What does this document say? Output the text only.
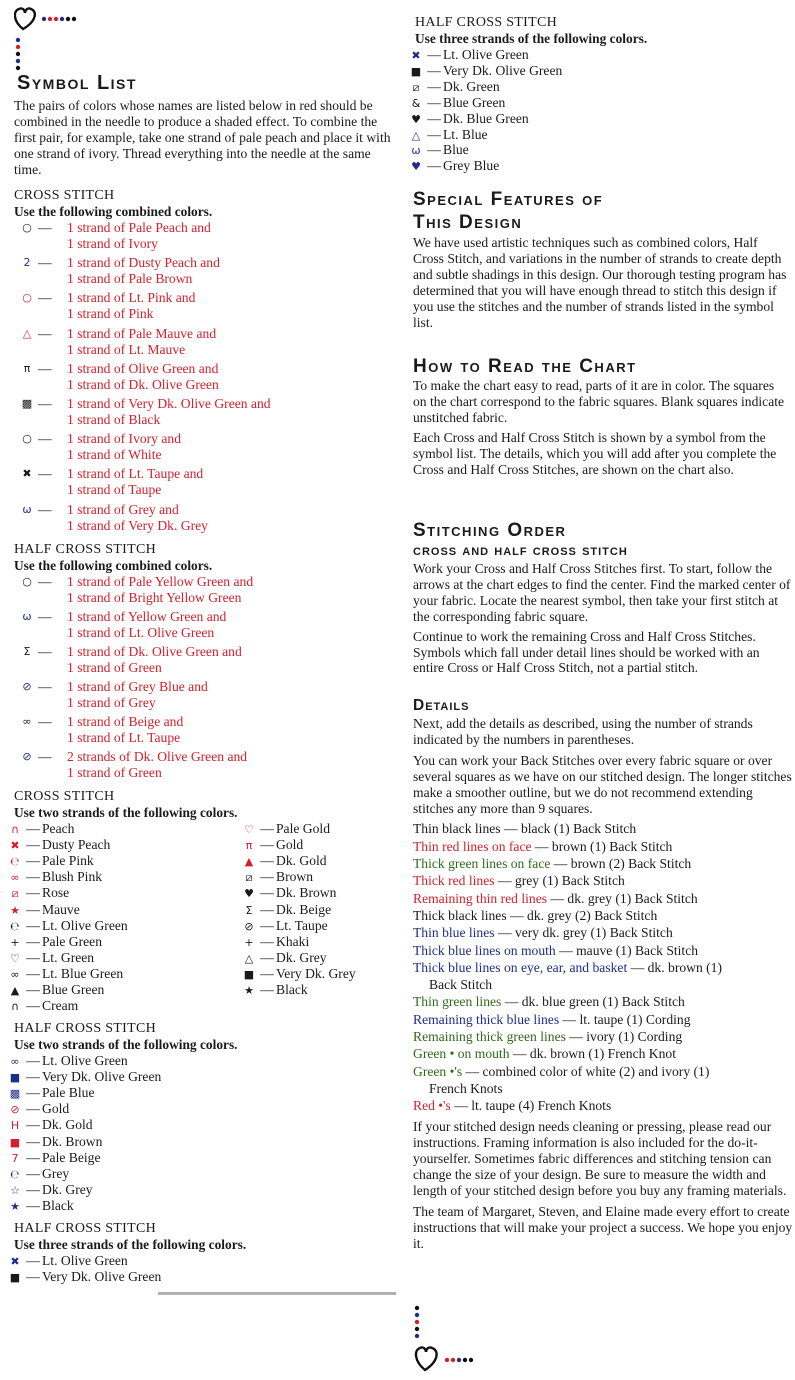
Symbol List

The pairs of colors whose names are listed below in red should be combined in the needle to produce a shaded effect. To combine the first pair, for example, take one strand of pale peach and place it with one strand of ivory. Thread everything into the needle at the same time.

CROSS STITCH

Use the following combined colors.

○ —	1 strand of Pale Peach and
1 strand of Ivory
2 —	1 strand of Dusty Peach and
1 strand of Pale Brown
○ —	1 strand of Lt. Pink and
1 strand of Pink
△ —	1 strand of Pale Mauve and
1 strand of Lt. Mauve
π —	1 strand of Olive Green and
1 strand of Dk. Olive Green
▩ —	1 strand of Very Dk. Olive Green and
1 strand of Black
○ —	1 strand of Ivory and
1 strand of White
✖ —	1 strand of Lt. Taupe and
1 strand of Taupe
ω —	1 strand of Grey and
1 strand of Very Dk. Grey

HALF CROSS STITCH

Use the following combined colors.

○ —	1 strand of Pale Yellow Green and
1 strand of Bright Yellow Green
ω —	1 strand of Yellow Green and
1 strand of Lt. Olive Green
Σ —	1 strand of Dk. Olive Green and
1 strand of Green
⊘ —	1 strand of Grey Blue and
1 strand of Grey
∞ —	1 strand of Beige and
1 strand of Lt. Taupe
⊘ —	2 strands of Dk. Olive Green and
1 strand of Green

CROSS STITCH

Use two strands of the following colors.

∩ — Peach
✖ — Dusty Peach
℮ — Pale Pink
∞ — Blush Pink
⧄ — Rose
★ — Mauve
℮ — Lt. Olive Green
+ — Pale Green
♡ — Lt. Green
∞ — Lt. Blue Green
▲ — Blue Green
∩ — Cream
♡ — Pale Gold
π — Gold
▲ — Dk. Gold
⧄ — Brown
♥ — Dk. Brown
Σ — Dk. Beige
⊘ — Lt. Taupe
+ — Khaki
△ — Dk. Grey
■ — Very Dk. Grey
★ — Black

HALF CROSS STITCH

Use two strands of the following colors.

∞ — Lt. Olive Green
■ — Very Dk. Olive Green
▩ — Pale Blue
⊘ — Gold
H — Dk. Gold
■ — Dk. Brown
7 — Pale Beige
℮ — Grey
☆ — Dk. Grey
★ — Black

HALF CROSS STITCH

Use three strands of the following colors.

✖ — Lt. Olive Green
■ — Very Dk. Olive Green

HALF CROSS STITCH

Use three strands of the following colors.

✖ — Lt. Olive Green
■ — Very Dk. Olive Green
⧄ — Dk. Green
& — Blue Green
♥ — Dk. Blue Green
△ — Lt. Blue
ω — Blue
♥ — Grey Blue
Special Features of
This Design

We have used artistic techniques such as combined colors, Half Cross Stitch, and variations in the number of strands to create depth and subtle shadings in this design. Our thorough testing program has determined that you will have enough thread to stitch this design if you use the stitches and the number of strands listed in the symbol list.

How to Read the Chart

To make the chart easy to read, parts of it are in color. The squares on the chart correspond to the fabric squares. Blank squares indicate unstitched fabric.

Each Cross and Half Cross Stitch is shown by a symbol from the symbol list. The details, which you will add after you complete the Cross and Half Cross Stitches, are shown on the chart also.

Stitching Order

cross and half cross stitch

Work your Cross and Half Cross Stitches first. To start, follow the arrows at the chart edges to find the center. Find the marked center of your fabric. Locate the nearest symbol, then take your first stitch at the corresponding fabric square.

Continue to work the remaining Cross and Half Cross Stitches. Symbols which fall under detail lines should be worked with an entire Cross or Half Cross Stitch, not a partial stitch.

Details

Next, add the details as described, using the number of strands indicated by the numbers in parentheses.

You can work your Back Stitches over every fabric square or over several squares as we have on our stitched design. The longer stitches make a smoother outline, but we do not recommend extending stitches any more than 9 squares.

Thin black lines — black (1) Back Stitch
Thin red lines on face — brown (1) Back Stitch
Thick green lines on face — brown (2) Back Stitch
Thick red lines — grey (1) Back Stitch
Remaining thin red lines — dk. grey (1) Back Stitch
Thick black lines — dk. grey (2) Back Stitch
Thin blue lines — very dk. grey (1) Back Stitch
Thick blue lines on mouth — mauve (1) Back Stitch
Thick blue lines on eye, ear, and basket — dk. brown (1)
Back Stitch
Thin green lines — dk. blue green (1) Back Stitch
Remaining thick blue lines — lt. taupe (1) Cording
Remaining thick green lines — ivory (1) Cording
Green • on mouth — dk. brown (1) French Knot
Green •'s — combined color of white (2) and ivory (1)
French Knots
Red •'s — lt. taupe (4) French Knots

If your stitched design needs cleaning or pressing, please read our instructions. Framing information is also included for the do-it-yourselfer. Sometimes fabric differences and stitching tension can change the size of your design. Be sure to measure the width and length of your stitched design before you buy any framing materials.

The team of Margaret, Steven, and Elaine made every effort to create instructions that will make your project a success. We hope you enjoy it.
